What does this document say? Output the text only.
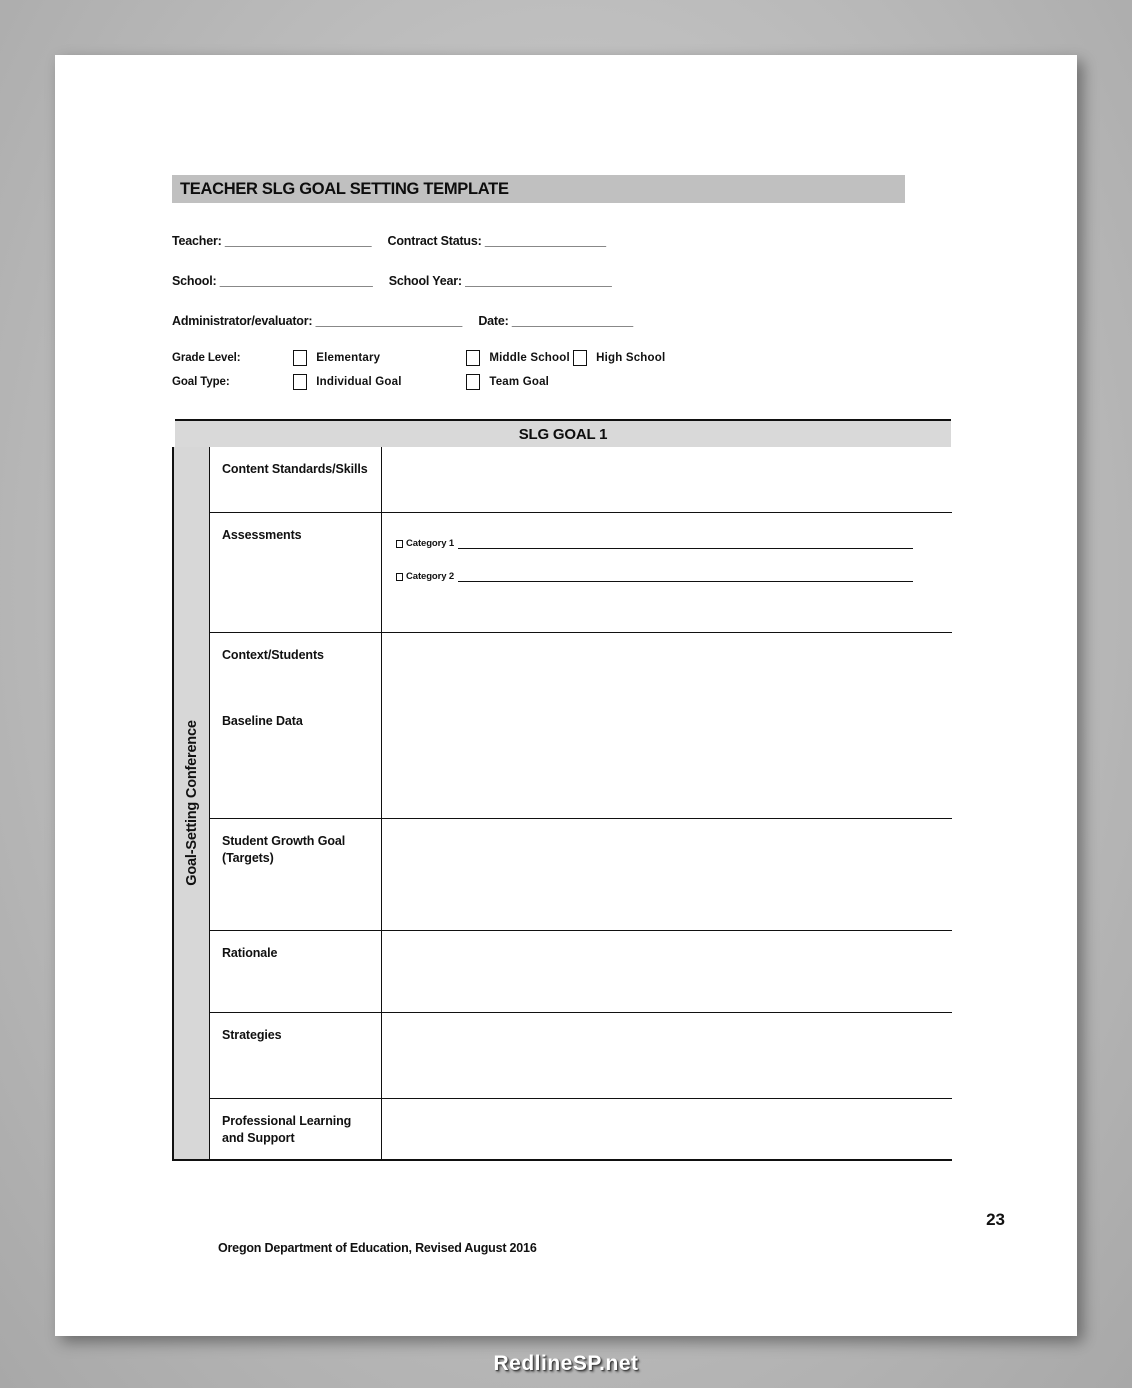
TEACHER SLG GOAL SETTING TEMPLATE
Teacher: _______________________ Contract Status: ___________________
School: ________________________ School Year: _______________________
Administrator/evaluator: _______________________ Date: ___________________
Grade Level:	Elementary	Middle School High School
Goal Type:	Individual Goal	Team Goal
SLG GOAL 1
Goal-Setting Conference
Content Standards/Skills
Assessments
Category 1
Category 2
Context/Students
Baseline Data
Student Growth Goal
(Targets)
Rationale
Strategies
Professional Learning
and Support
23
Oregon Department of Education, Revised August 2016
RedlineSP.net
